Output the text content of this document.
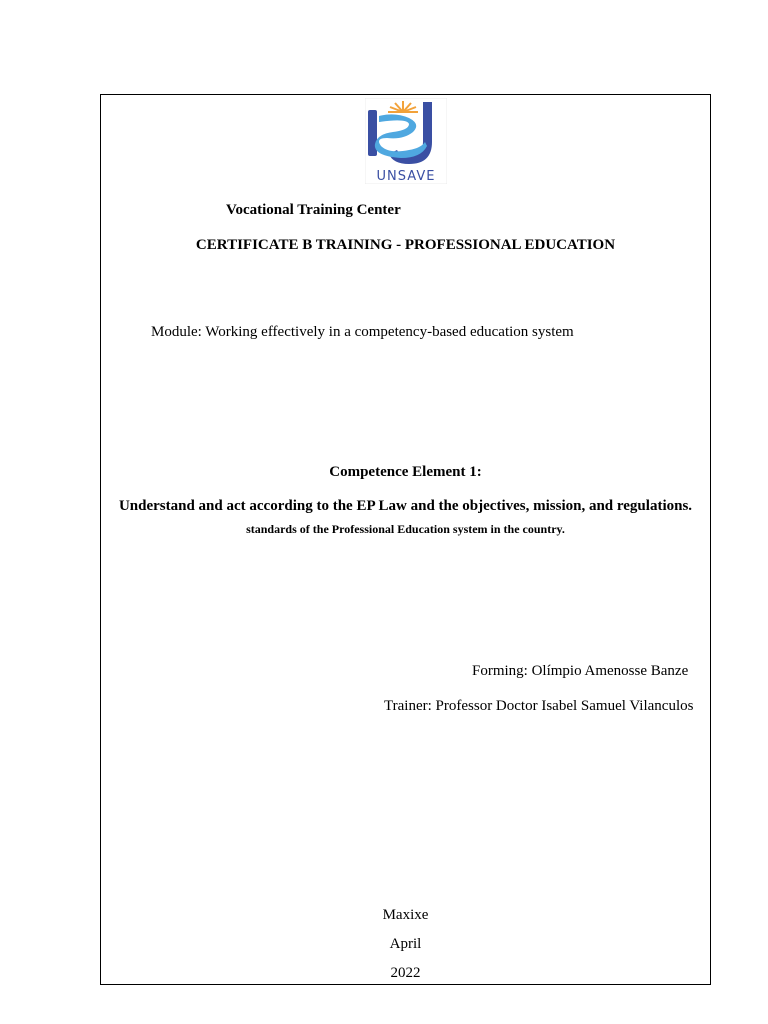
UNSAVE
Vocational Training Center
CERTIFICATE B TRAINING - PROFESSIONAL EDUCATION
Module: Working effectively in a competency-based education system
Competence Element 1:
Understand and act according to the EP Law and the objectives, mission, and regulations.
standards of the Professional Education system in the country.
Forming: Olímpio Amenosse Banze
Trainer: Professor Doctor Isabel Samuel Vilanculos
Maxixe
April
2022
